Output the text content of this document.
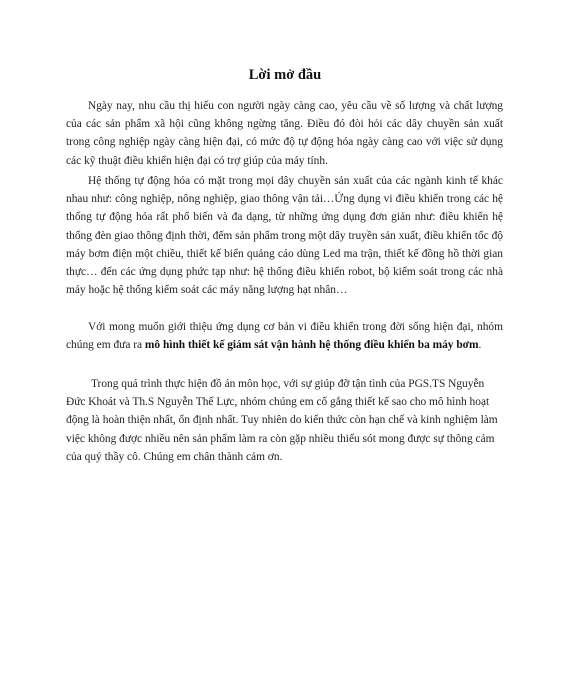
Lời mở đầu

Ngày nay, nhu cầu thị hiếu con người ngày càng cao, yêu cầu về số lượng và chất lượng của các sản phẩm xã hội cũng không ngừng tăng. Điều đó đòi hỏi các dây chuyền sản xuất trong công nghiệp ngày càng hiện đại, có mức độ tự động hóa ngày càng cao với việc sử dụng các kỹ thuật điều khiển hiện đại có trợ giúp của máy tính.

Hệ thống tự động hóa có mặt trong mọi dây chuyền sản xuất của các ngành kinh tế khác nhau như: công nghiệp, nông nghiệp, giao thông vận tải…Ứng dụng vi điều khiển trong các hệ thống tự động hóa rất phổ biến và đa dạng, từ những ứng dụng đơn giản như: điều khiển hệ thống đèn giao thông định thời, đếm sản phẩm trong một dây truyền sản xuất, điều khiển tốc độ máy bơm điện một chiều, thiết kế biển quảng cáo dùng Led ma trận, thiết kế đồng hồ thời gian thực… đến các ứng dụng phức tạp như: hệ thống điều khiển robot, bộ kiểm soát trong các nhà máy hoặc hệ thống kiểm soát các máy năng lượng hạt nhân…

Với mong muốn giới thiệu ứng dụng cơ bản vi điều khiển trong đời sống hiện đại, nhóm chúng em đưa ra mô hình thiết kế giám sát vận hành hệ thống điều khiển ba máy bơm.

Trong quá trình thực hiện đồ án môn học, với sự giúp đỡ tận tình của PGS.TS Nguyễn Đức Khoát và Th.S Nguyễn Thế Lực, nhóm chúng em cố gắng thiết kế sao cho mô hình hoạt động là hoàn thiện nhất, ổn định nhất. Tuy nhiên do kiến thức còn hạn chế và kinh nghiệm làm việc không được nhiều nên sản phẩm làm ra còn gặp nhiều thiếu sót mong được sự thông cảm của quý thầy cô. Chúng em chân thành cảm ơn.
